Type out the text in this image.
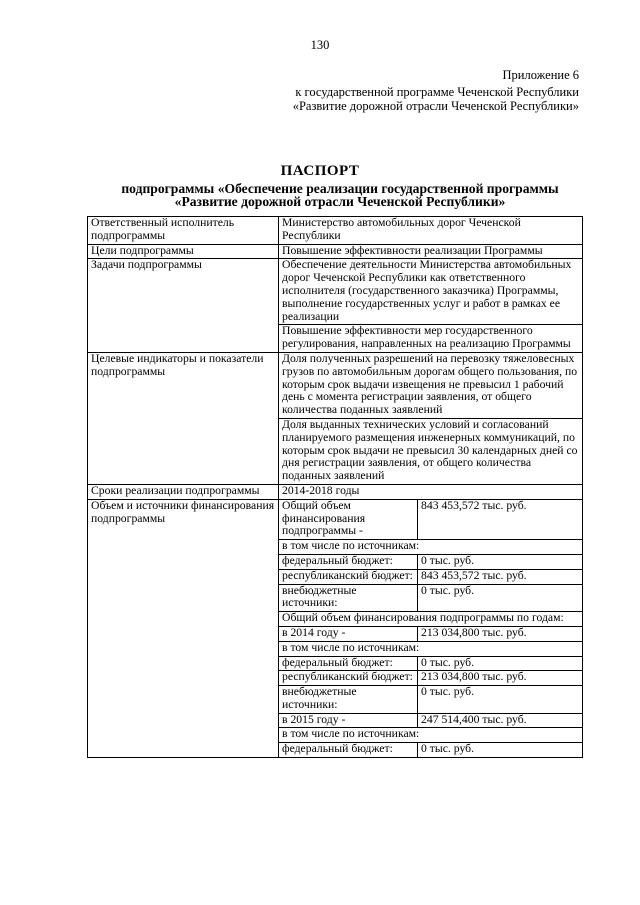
130
Приложение 6
к государственной программе Чеченской Республики
«Развитие дорожной отрасли Чеченской Республики»
ПАСПОРТ
подпрограммы «Обеспечение реализации государственной программы
«Развитие дорожной отрасли Чеченской Республики»
Ответственный исполнитель подпрограммы	Министерство автомобильных дорог Чеченской Республики
Цели подпрограммы	Повышение эффективности реализации Программы
Задачи подпрограммы	Обеспечение деятельности Министерства автомобильных дорог Чеченской Республики как ответственного исполнителя (государственного заказчика) Программы, выполнение государственных услуг и работ в рамках ее реализации
Повышение эффективности мер государственного регулирования, направленных на реализацию Программы
Целевые индикаторы и показатели подпрограммы	Доля полученных разрешений на перевозку тяжеловесных грузов по автомобильным дорогам общего пользования, по которым срок выдачи извещения не превысил 1 рабочий день с момента регистрации заявления, от общего количества поданных заявлений
Доля выданных технических условий и согласований планируемого размещения инженерных коммуникаций, по которым срок выдачи не превысил 30 календарных дней со дня регистрации заявления, от общего количества поданных заявлений
Сроки реализации подпрограммы	2014-2018 годы
Объем и источники финансирования подпрограммы	
Общий объем финансирования подпрограммы -	843 453,572 тыс. руб.
в том числе по источникам:
федеральный бюджет:	0 тыс. руб.
республиканский бюджет:	843 453,572 тыс. руб.
внебюджетные источники:	0 тыс. руб.
Общий объем финансирования подпрограммы по годам:
в 2014 году -	213 034,800 тыс. руб.
в том числе по источникам:
федеральный бюджет:	0 тыс. руб.
республиканский бюджет:	213 034,800 тыс. руб.
внебюджетные источники:	0 тыс. руб.
в 2015 году -	247 514,400 тыс. руб.
в том числе по источникам:
федеральный бюджет:	0 тыс. руб.
